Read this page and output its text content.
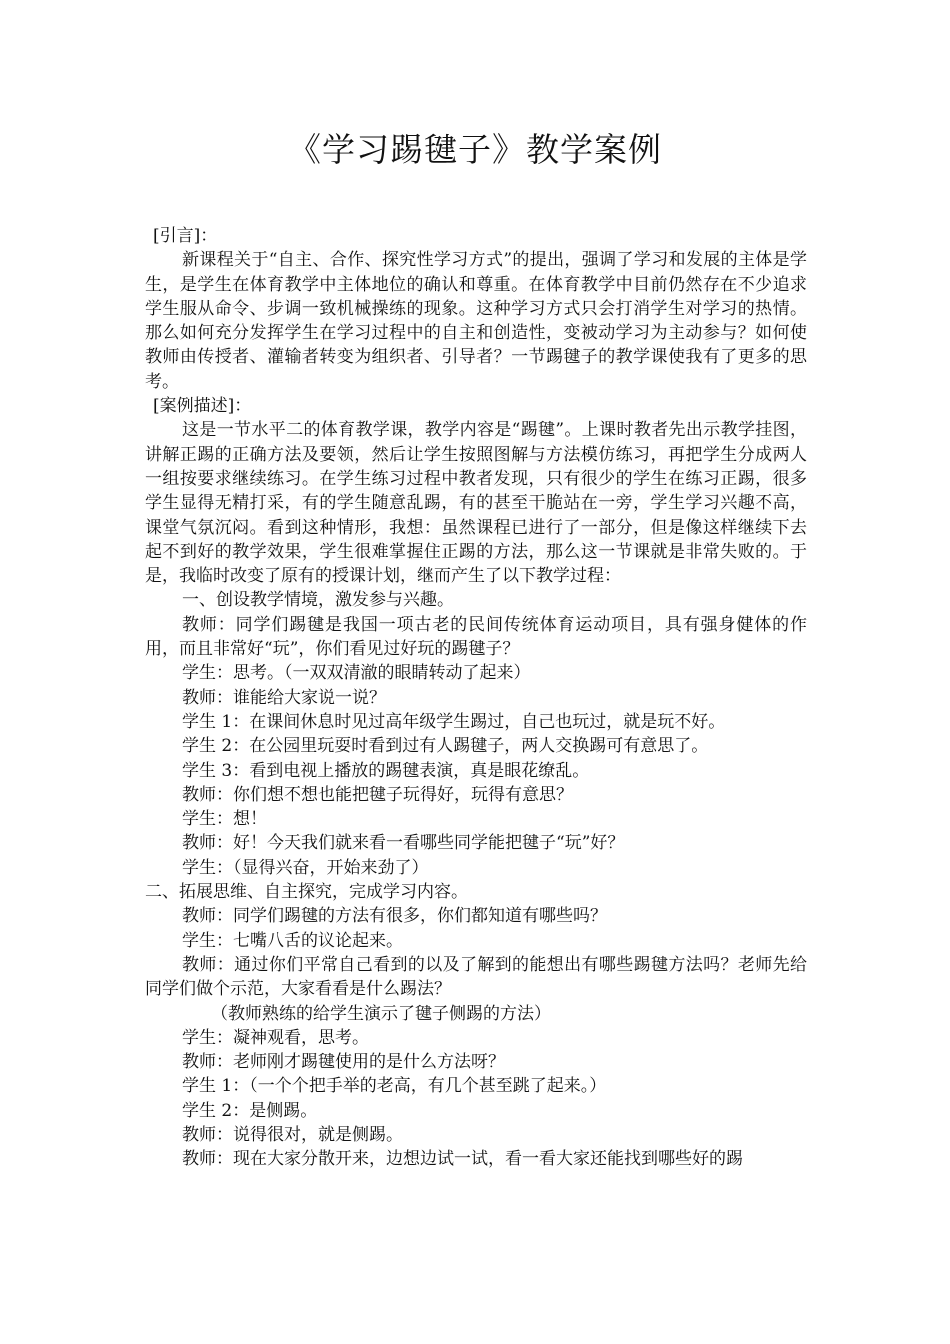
《学习踢毽子》教学案例

[引言]：

新课程关于“自主、合作、探究性学习方式”的提出，强调了学习和发展的主体是学生，是学生在体育教学中主体地位的确认和尊重。在体育教学中目前仍然存在不少追求学生服从命令、步调一致机械操练的现象。这种学习方式只会打消学生对学习的热情。那么如何充分发挥学生在学习过程中的自主和创造性，变被动学习为主动参与？如何使教师由传授者、灌输者转变为组织者、引导者？一节踢毽子的教学课使我有了更多的思考。

[案例描述]：

这是一节水平二的体育教学课，教学内容是“踢毽”。上课时教者先出示教学挂图，讲解正踢的正确方法及要领，然后让学生按照图解与方法模仿练习，再把学生分成两人一组按要求继续练习。在学生练习过程中教者发现，只有很少的学生在练习正踢，很多学生显得无精打采，有的学生随意乱踢，有的甚至干脆站在一旁，学生学习兴趣不高，课堂气氛沉闷。看到这种情形，我想：虽然课程已进行了一部分，但是像这样继续下去起不到好的教学效果，学生很难掌握住正踢的方法，那么这一节课就是非常失败的。于是，我临时改变了原有的授课计划，继而产生了以下教学过程：

一、创设教学情境，激发参与兴趣。

教师：同学们踢毽是我国一项古老的民间传统体育运动项目，具有强身健体的作用，而且非常好“玩”，你们看见过好玩的踢毽子？

学生：思考。（一双双清澈的眼睛转动了起来）

教师：谁能给大家说一说？

学生 1：在课间休息时见过高年级学生踢过，自己也玩过，就是玩不好。

学生 2：在公园里玩耍时看到过有人踢毽子，两人交换踢可有意思了。

学生 3：看到电视上播放的踢毽表演，真是眼花缭乱。

教师：你们想不想也能把毽子玩得好，玩得有意思？

学生：想！

教师：好！今天我们就来看一看哪些同学能把毽子“玩”好？

学生：（显得兴奋，开始来劲了）

二、拓展思维、自主探究，完成学习内容。

教师：同学们踢毽的方法有很多，你们都知道有哪些吗？

学生：七嘴八舌的议论起来。

教师：通过你们平常自己看到的以及了解到的能想出有哪些踢毽方法吗？老师先给同学们做个示范，大家看看是什么踢法？

（教师熟练的给学生演示了毽子侧踢的方法）

学生：凝神观看，思考。

教师：老师刚才踢毽使用的是什么方法呀？

学生 1：（一个个把手举的老高，有几个甚至跳了起来。）

学生 2：是侧踢。

教师：说得很对，就是侧踢。

教师：现在大家分散开来，边想边试一试，看一看大家还能找到哪些好的踢
